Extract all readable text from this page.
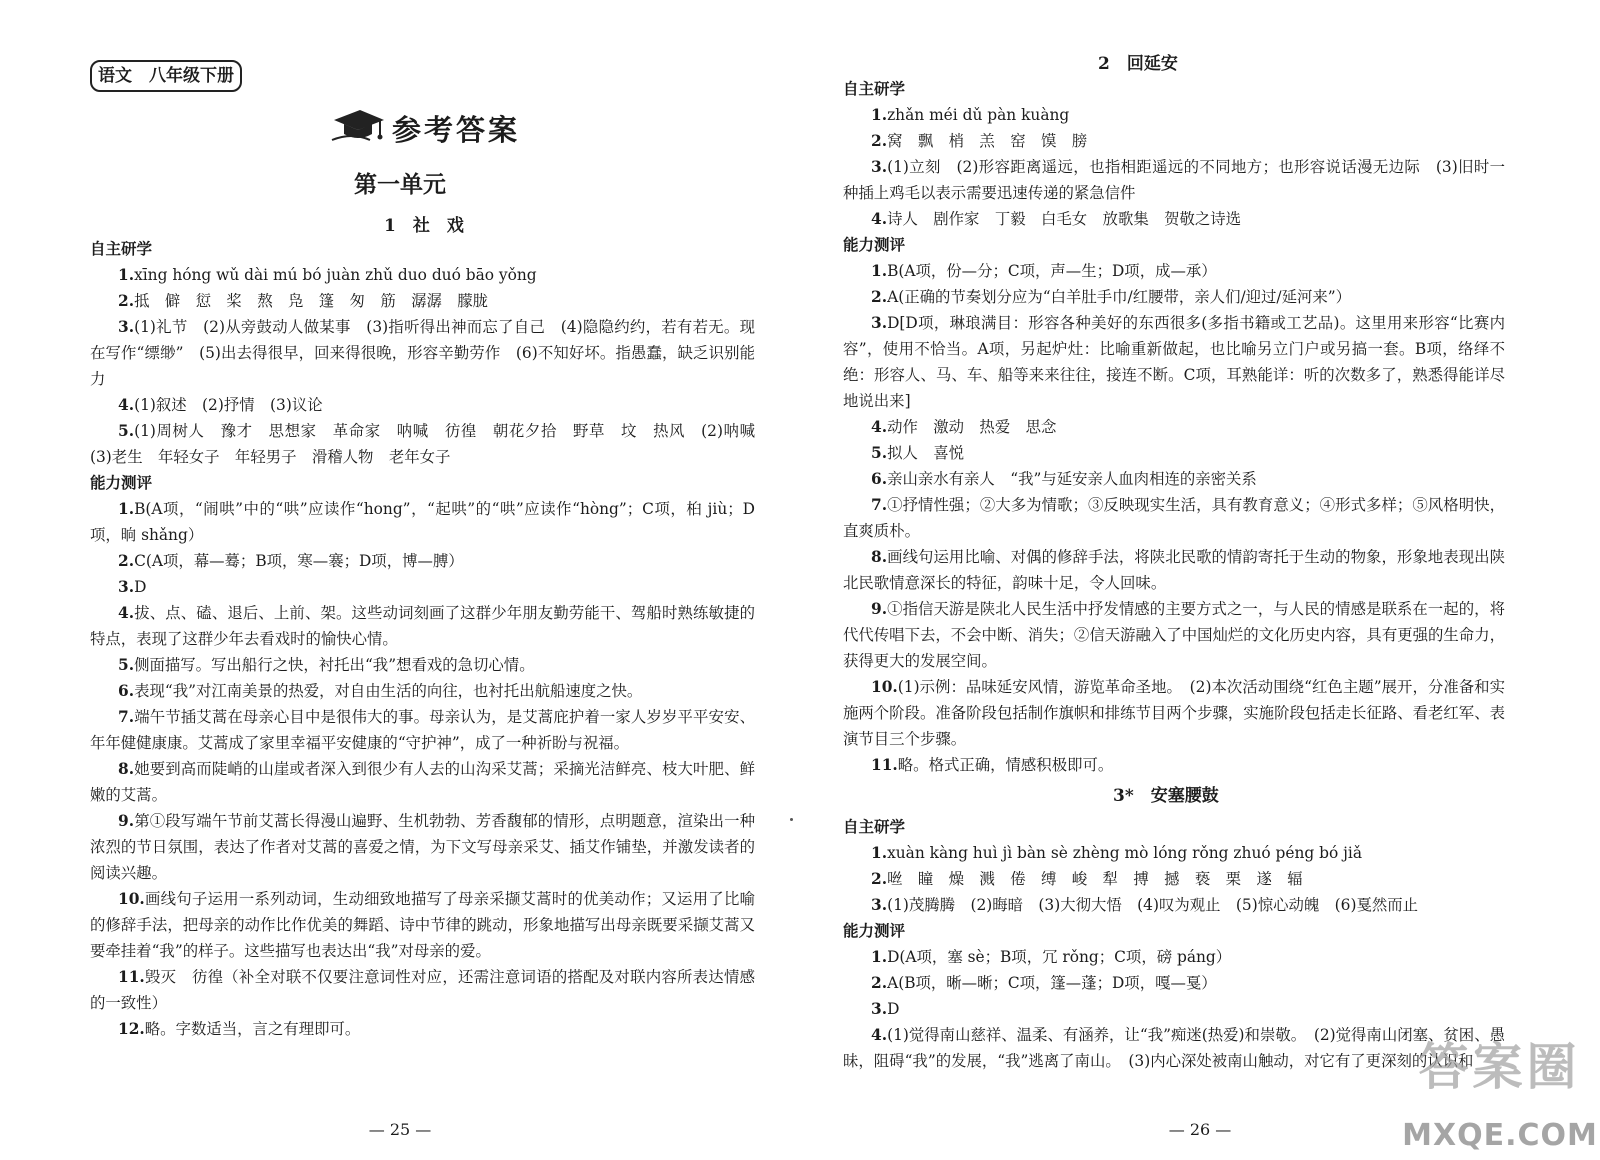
语文　八年级下册
参考答案
第一单元
1　社　戏
自主研学

1.xīng hóng wǔ dài mú bó juàn zhǔ duo duó bāo yǒng

2.抵　僻　愆　桨　熬　凫　篷　匆　筋　潺潺　朦胧

3.(1)礼节　(2)从旁鼓动人做某事　(3)指听得出神而忘了自己　(4)隐隐约约，若有若无。现在写作“缥缈”　(5)出去得很早，回来得很晚，形容辛勤劳作　(6)不知好坏。指愚蠢，缺乏识别能力

4.(1)叙述　(2)抒情　(3)议论

5.(1)周树人　豫才　思想家　革命家　呐喊　彷徨　朝花夕拾　野草　坟　热风　(2)呐喊　(3)老生　年轻女子　年轻男子　滑稽人物　老年女子

能力测评

1.B(A项，“闹哄”中的“哄”应读作“hong”，“起哄”的“哄”应读作“hòng”；C项，桕 jiù；D项，晌 shǎng）

2.C(A项，幕—蓦；B项，寒—褰；D项，博—膊）

3.D

4.拔、点、磕、退后、上前、架。这些动词刻画了这群少年朋友勤劳能干、驾船时熟练敏捷的特点，表现了这群少年去看戏时的愉快心情。

5.侧面描写。写出船行之快，衬托出“我”想看戏的急切心情。

6.表现“我”对江南美景的热爱，对自由生活的向往，也衬托出航船速度之快。

7.端午节插艾蒿在母亲心目中是很伟大的事。母亲认为，是艾蒿庇护着一家人岁岁平平安安、年年健健康康。艾蒿成了家里幸福平安健康的“守护神”，成了一种祈盼与祝福。

8.她要到高而陡峭的山崖或者深入到很少有人去的山沟采艾蒿；采摘光洁鲜亮、枝大叶肥、鲜嫩的艾蒿。

9.第①段写端午节前艾蒿长得漫山遍野、生机勃勃、芳香馥郁的情形，点明题意，渲染出一种浓烈的节日氛围，表达了作者对艾蒿的喜爱之情，为下文写母亲采艾、插艾作铺垫，并激发读者的阅读兴趣。

10.画线句子运用一系列动词，生动细致地描写了母亲采撷艾蒿时的优美动作；又运用了比喻的修辞手法，把母亲的动作比作优美的舞蹈、诗中节律的跳动，形象地描写出母亲既要采撷艾蒿又要牵挂着“我”的样子。这些描写也表达出“我”对母亲的爱。

11.毁灭　彷徨（补全对联不仅要注意词性对应，还需注意词语的搭配及对联内容所表达情感的一致性）

12.略。字数适当，言之有理即可。

— 25 —
2　回延安
自主研学

1.zhǎn méi dǔ pàn kuàng

2.窝　飘　梢　羔　窑　馍　膀

3.(1)立刻　(2)形容距离遥远，也指相距遥远的不同地方；也形容说话漫无边际　(3)旧时一种插上鸡毛以表示需要迅速传递的紧急信件

4.诗人　剧作家　丁毅　白毛女　放歌集　贺敬之诗选

能力测评

1.B(A项，份—分；C项，声—生；D项，成—承）

2.A(正确的节奏划分应为“白羊肚手巾/红腰带，亲人们/迎过/延河来”）

3.D[D项，琳琅满目：形容各种美好的东西很多(多指书籍或工艺品)。这里用来形容“比赛内容”，使用不恰当。A项，另起炉灶：比喻重新做起，也比喻另立门户或另搞一套。B项，络绎不绝：形容人、马、车、船等来来往往，接连不断。C项，耳熟能详：听的次数多了，熟悉得能详尽地说出来]

4.动作　激动　热爱　思念

5.拟人　喜悦

6.亲山亲水有亲人　“我”与延安亲人血肉相连的亲密关系

7.①抒情性强；②大多为情歌；③反映现实生活，具有教育意义；④形式多样；⑤风格明快，直爽质朴。

8.画线句运用比喻、对偶的修辞手法，将陕北民歌的情韵寄托于生动的物象，形象地表现出陕北民歌情意深长的特征，韵味十足，令人回味。

9.①指信天游是陕北人民生活中抒发情感的主要方式之一，与人民的情感是联系在一起的，将代代传唱下去，不会中断、消失；②信天游融入了中国灿烂的文化历史内容，具有更强的生命力，获得更大的发展空间。

10.(1)示例：品味延安风情，游览革命圣地。　(2)本次活动围绕“红色主题”展开，分准备和实施两个阶段。准备阶段包括制作旗帜和排练节目两个步骤，实施阶段包括走长征路、看老红军、表演节目三个步骤。

11.略。格式正确，情感积极即可。

3*　安塞腰鼓
自主研学

1.xuàn kàng huì jì bàn sè zhèng mò lóng rǒng zhuó péng bó jiǎ

2.咝　瞳　燥　溅　倦　缚　峻　犁　搏　撼　亵　栗　遂　辐

3.(1)茂腾腾　(2)晦暗　(3)大彻大悟　(4)叹为观止　(5)惊心动魄　(6)戛然而止

能力测评

1.D(A项，塞 sè；B项，冗 rǒng；C项，磅 páng）

2.A(B项，晰—晰；C项，篷—蓬；D项，嘎—戛）

3.D

4.(1)觉得南山慈祥、温柔、有涵养，让“我”痴迷(热爱)和崇敬。　(2)觉得南山闭塞、贫困、愚昧，阻碍“我”的发展，“我”逃离了南山。　(3)内心深处被南山触动，对它有了更深刻的认识和

— 26 —
答案圈
MXQE.COM
